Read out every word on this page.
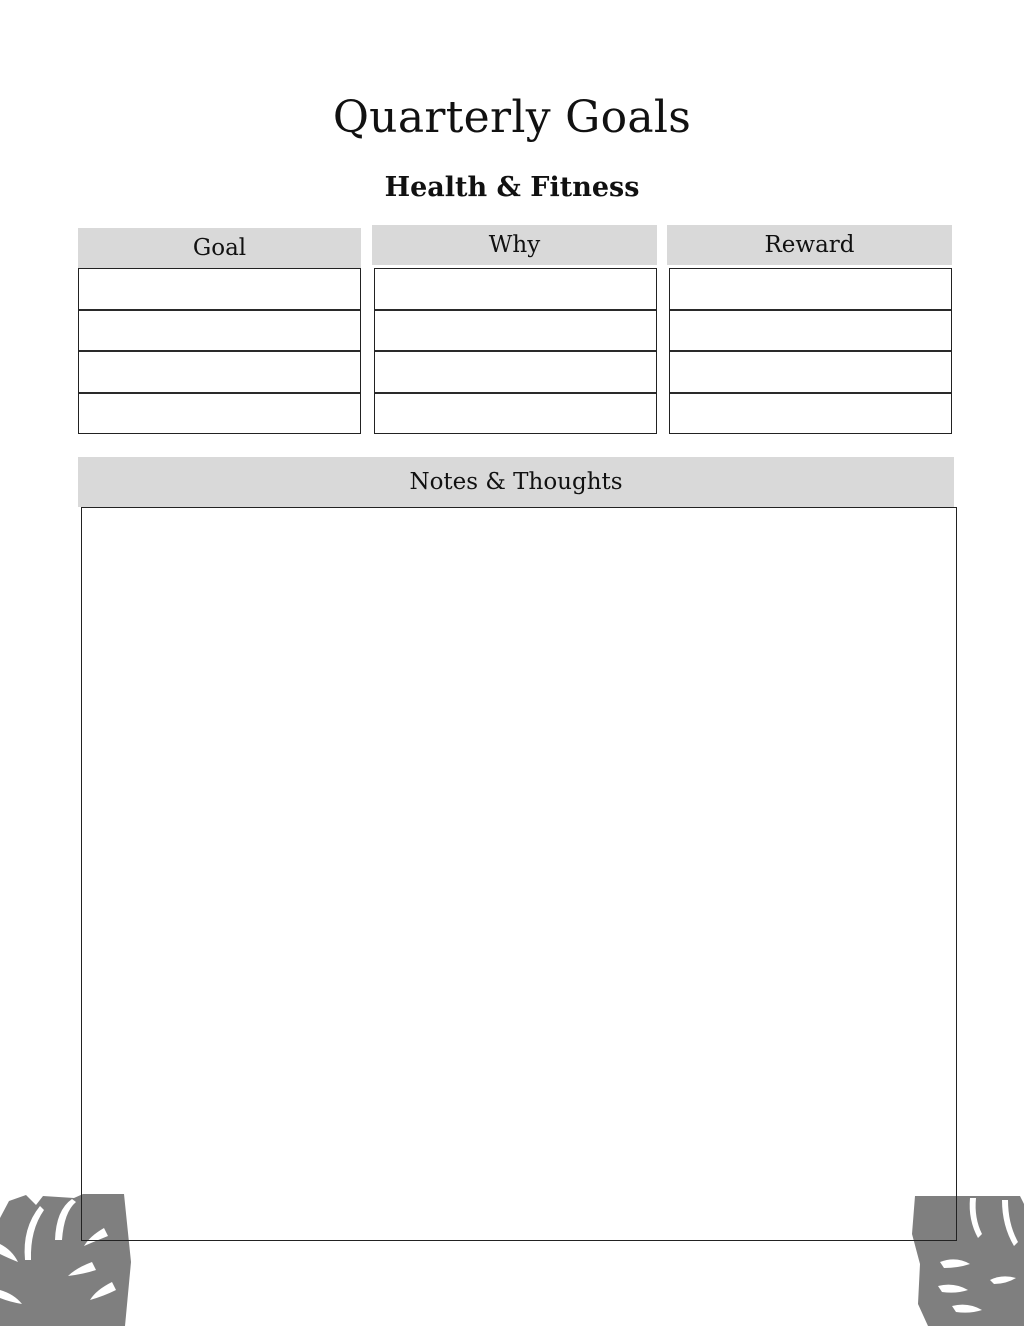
Quarterly Goals
Health & Fitness
Goal	Why	Reward
Notes & Thoughts
